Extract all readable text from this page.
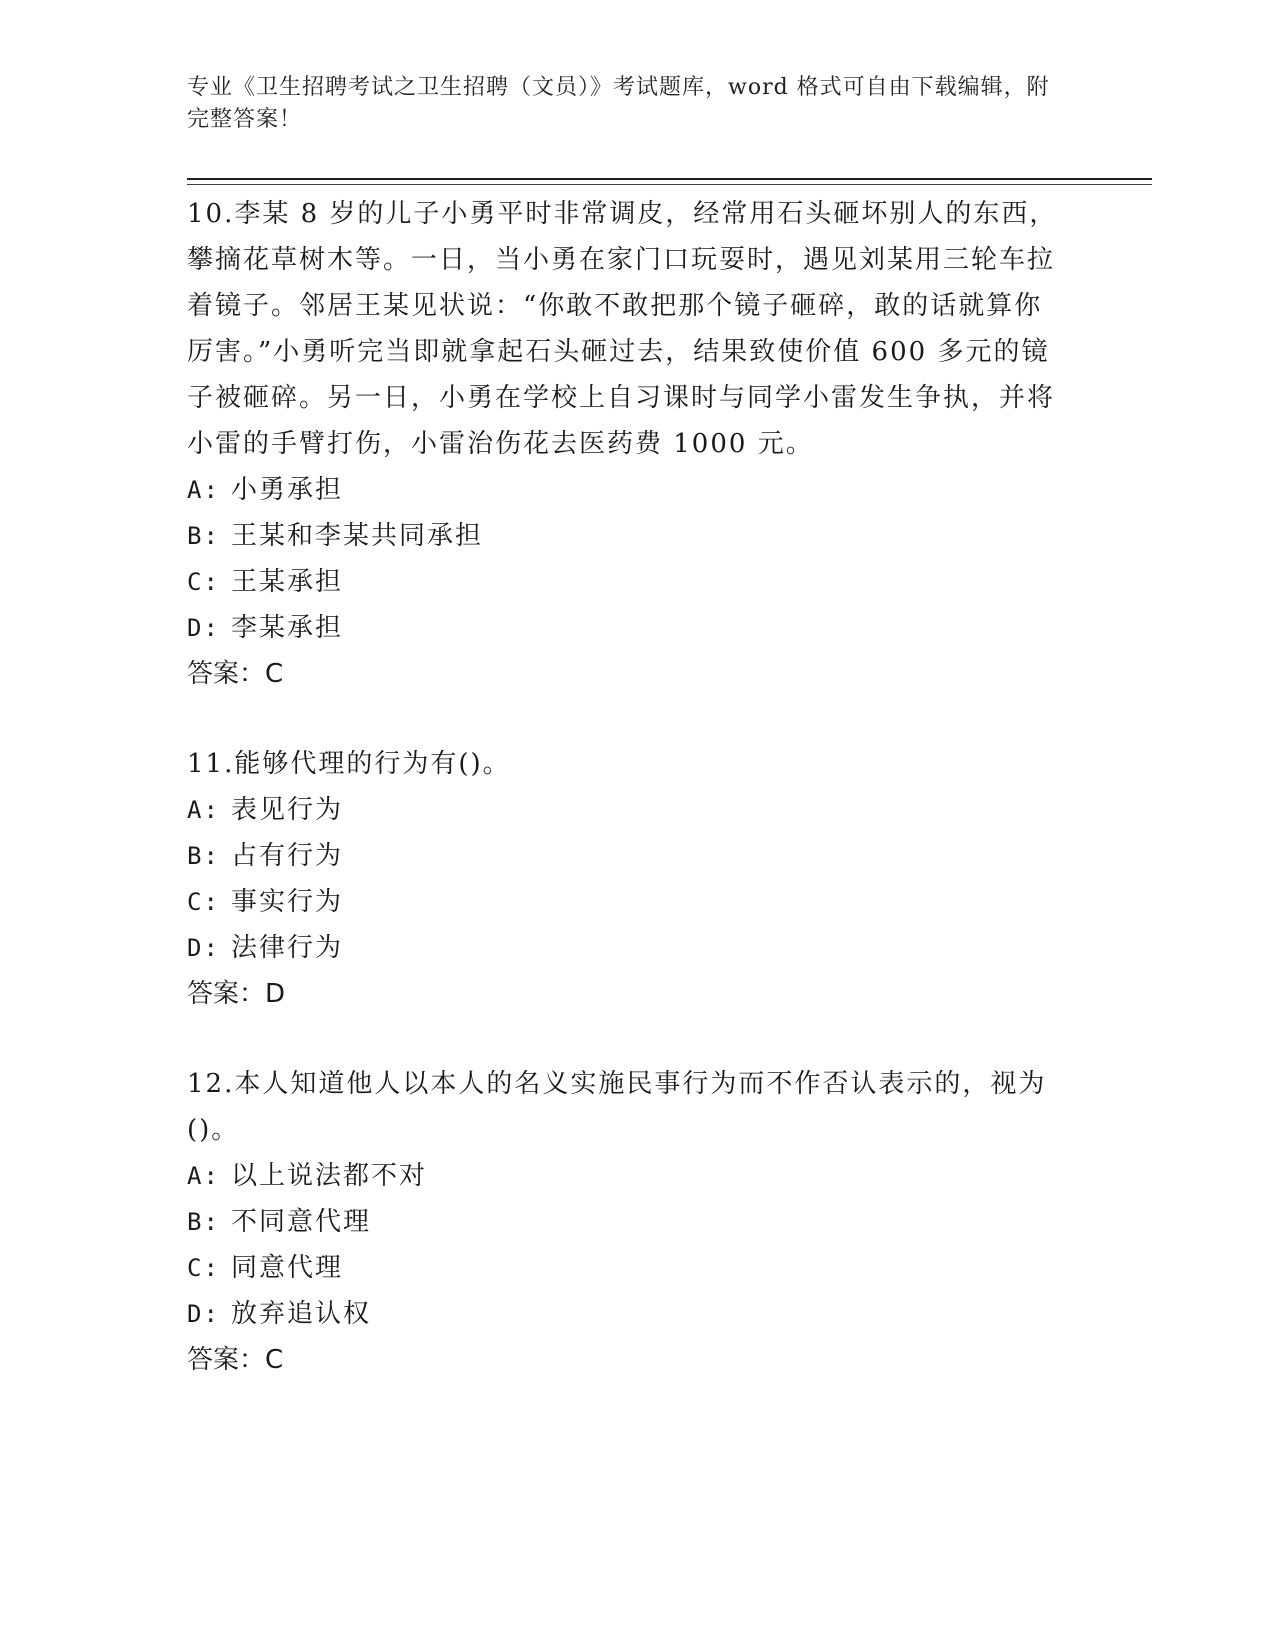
专业《卫生招聘考试之卫生招聘（文员）》考试题库，word 格式可自由下载编辑，附完整答案！

10.李某 8 岁的儿子小勇平时非常调皮，经常用石头砸坏别人的东西，攀摘花草树木等。一日，当小勇在家门口玩耍时，遇见刘某用三轮车拉着镜子。邻居王某见状说：“你敢不敢把那个镜子砸碎，敢的话就算你厉害。”小勇听完当即就拿起石头砸过去，结果致使价值 600 多元的镜子被砸碎。另一日，小勇在学校上自习课时与同学小雷发生争执，并将小雷的手臂打伤，小雷治伤花去医药费 1000 元。

A: 小勇承担
B: 王某和李某共同承担
C: 王某承担
D: 李某承担

答案：C

11.能够代理的行为有()。

A: 表见行为
B: 占有行为
C: 事实行为
D: 法律行为

答案：D

12.本人知道他人以本人的名义实施民事行为而不作否认表示的，视为()。

A: 以上说法都不对
B: 不同意代理
C: 同意代理
D: 放弃追认权

答案：C
